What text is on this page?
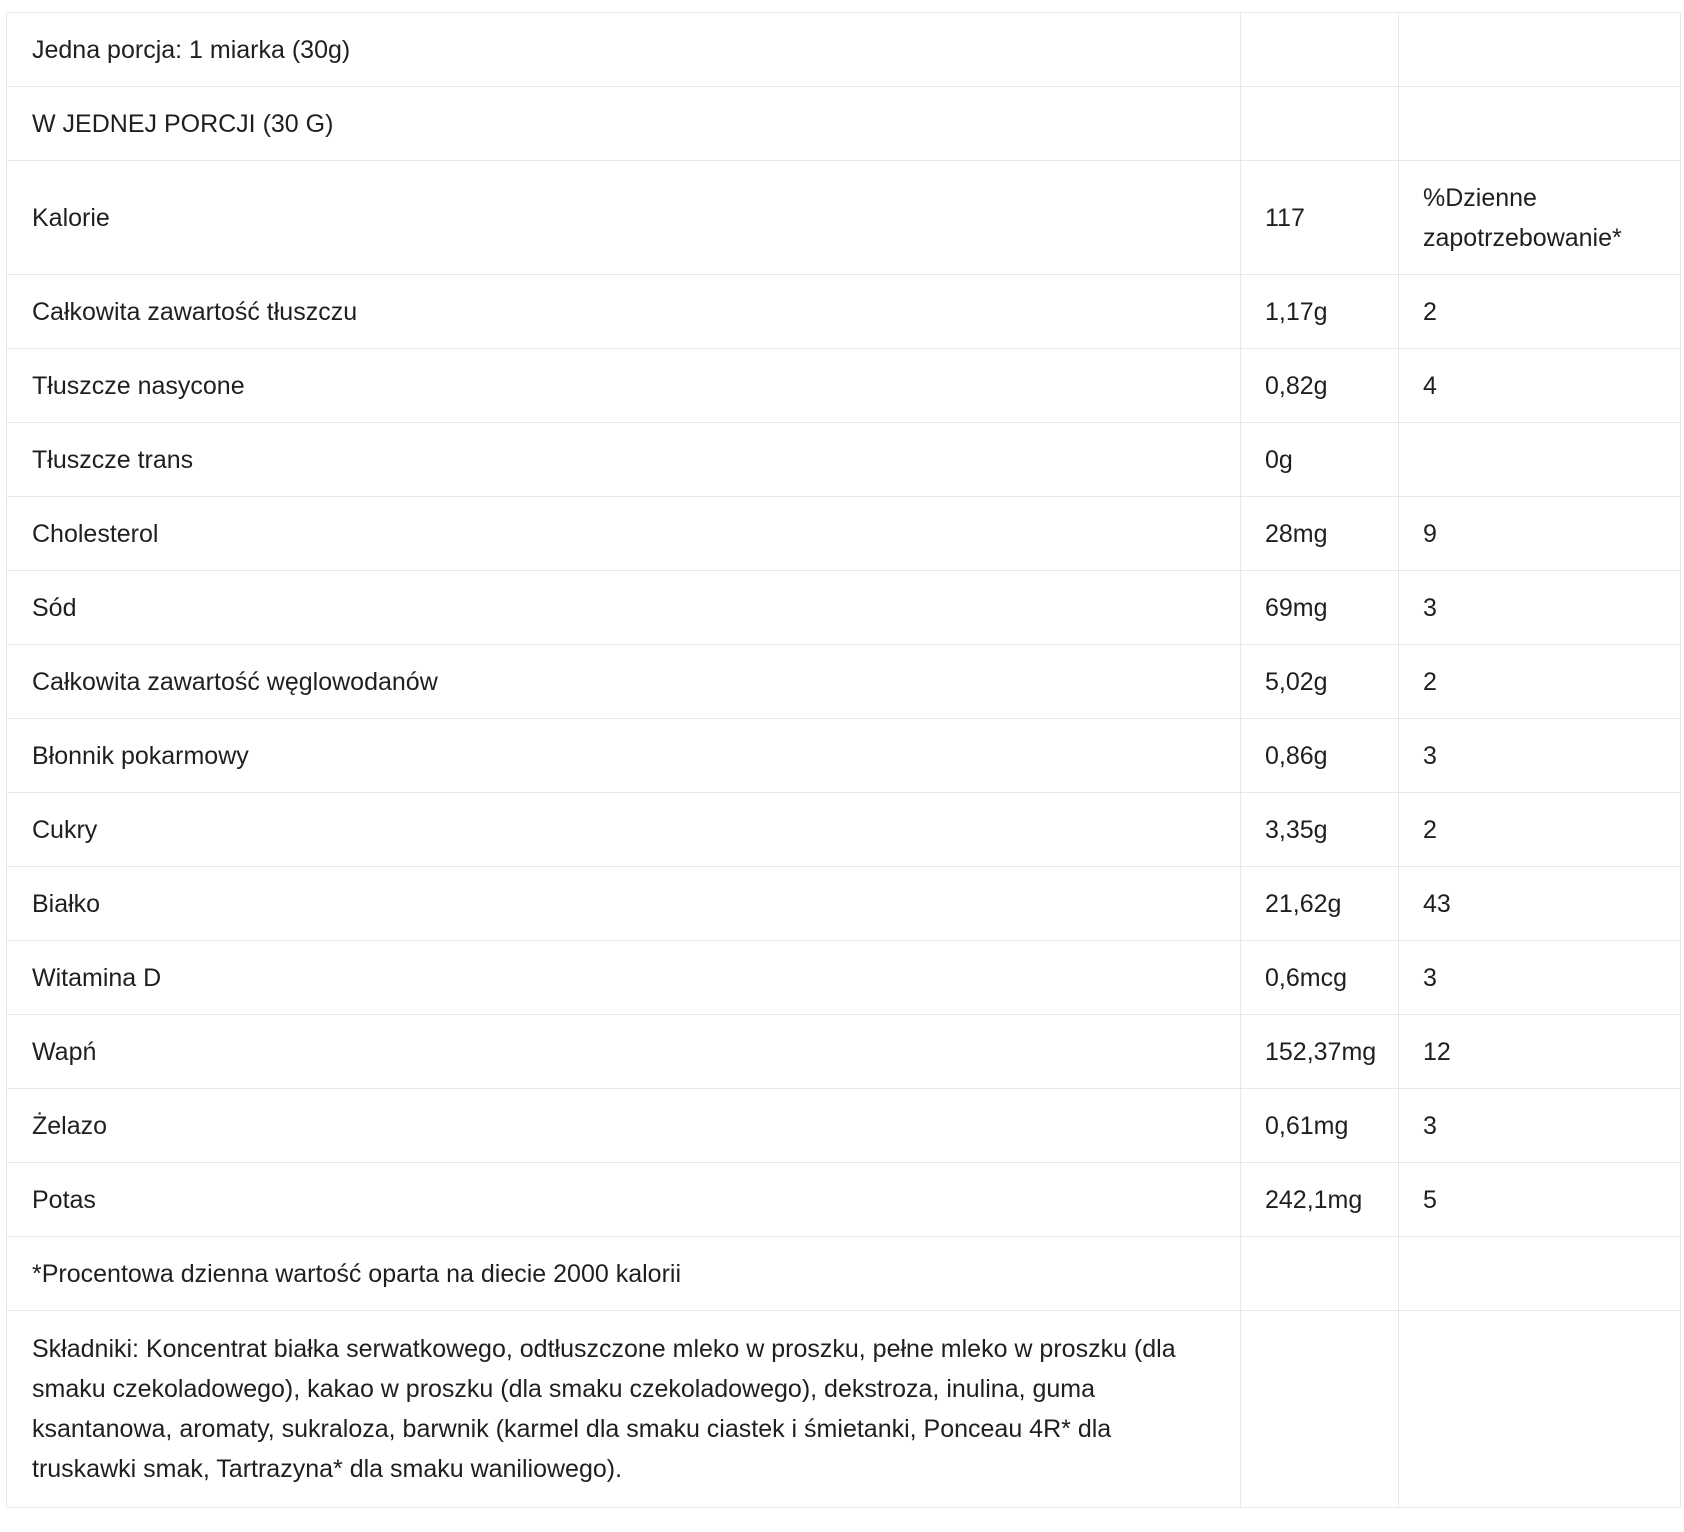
Jedna porcja: 1 miarka (30g)		
W JEDNEJ PORCJI (30 G)		
Kalorie	117	%Dzienne zapotrzebowanie*
Całkowita zawartość tłuszczu	1,17g	2
Tłuszcze nasycone	0,82g	4
Tłuszcze trans	0g	
Cholesterol	28mg	9
Sód	69mg	3
Całkowita zawartość węglowodanów	5,02g	2
Błonnik pokarmowy	0,86g	3
Cukry	3,35g	2
Białko	21,62g	43
Witamina D	0,6mcg	3
Wapń	152,37mg	12
Żelazo	0,61mg	3
Potas	242,1mg	5
*Procentowa dzienna wartość oparta na diecie 2000 kalorii		
Składniki: Koncentrat białka serwatkowego, odtłuszczone mleko w proszku, pełne mleko w proszku (dla smaku czekoladowego), kakao w proszku (dla smaku czekoladowego), dekstroza, inulina, guma ksantanowa, aromaty, sukraloza, barwnik (karmel dla smaku ciastek i śmietanki, Ponceau 4R* dla truskawki smak, Tartrazyna* dla smaku waniliowego).		
